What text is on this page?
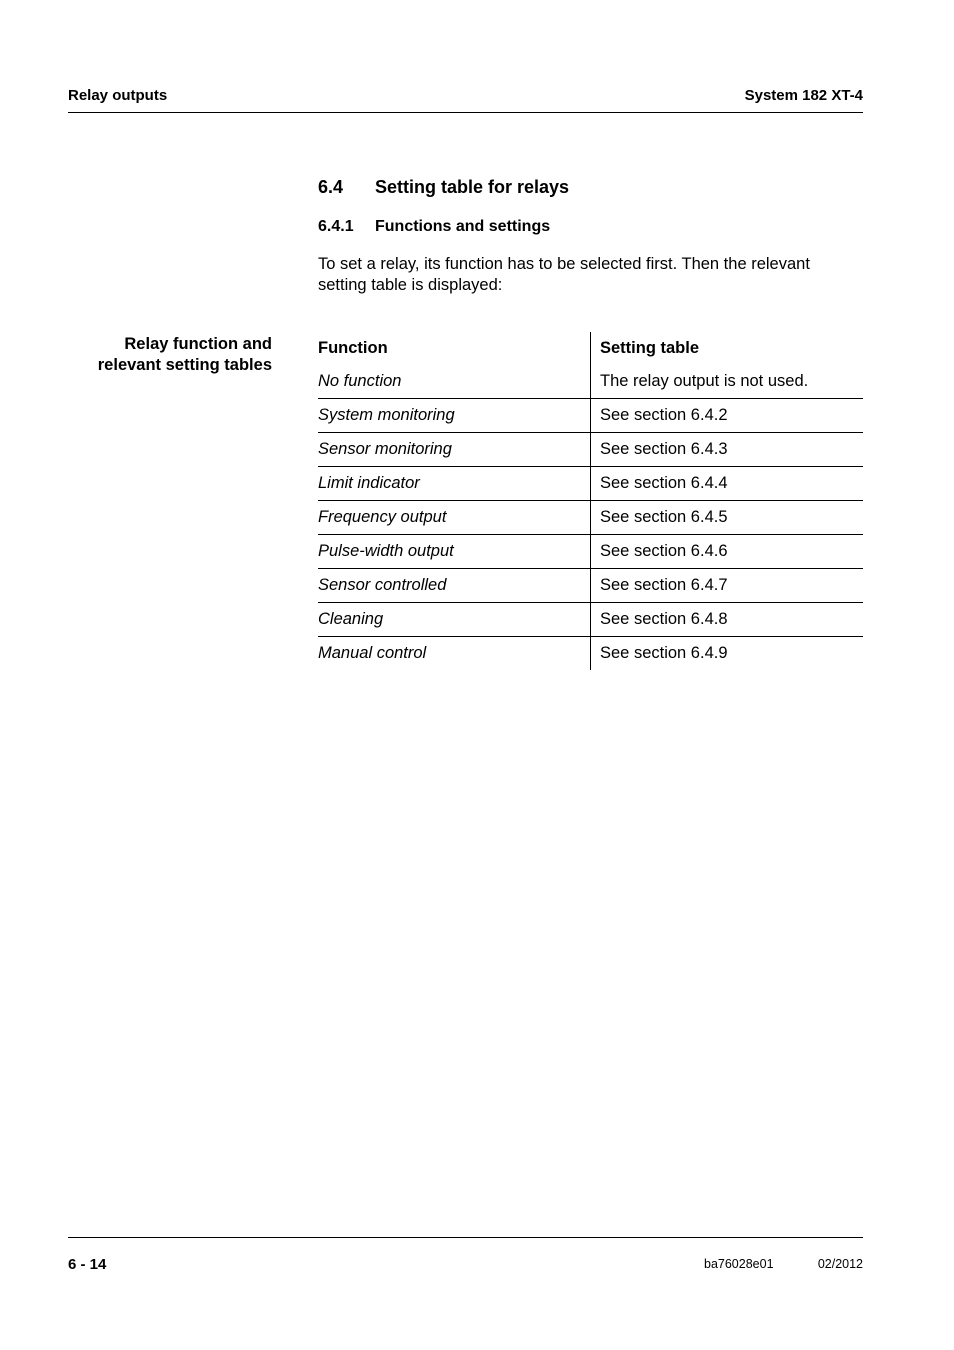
Relay outputs	System 182 XT-4
6.4 Setting table for relays
6.4.1 Functions and settings

To set a relay, its function has to be selected first. Then the relevant setting table is displayed:

Relay function and
relevant setting tables
Function	Setting table
No function	The relay output is not used.
System monitoring	See section 6.4.2
Sensor monitoring	See section 6.4.3
Limit indicator	See section 6.4.4
Frequency output	See section 6.4.5
Pulse-width output	See section 6.4.6
Sensor controlled	See section 6.4.7
Cleaning	See section 6.4.8
Manual control	See section 6.4.9
6 - 14	ba76028e01	02/2012
